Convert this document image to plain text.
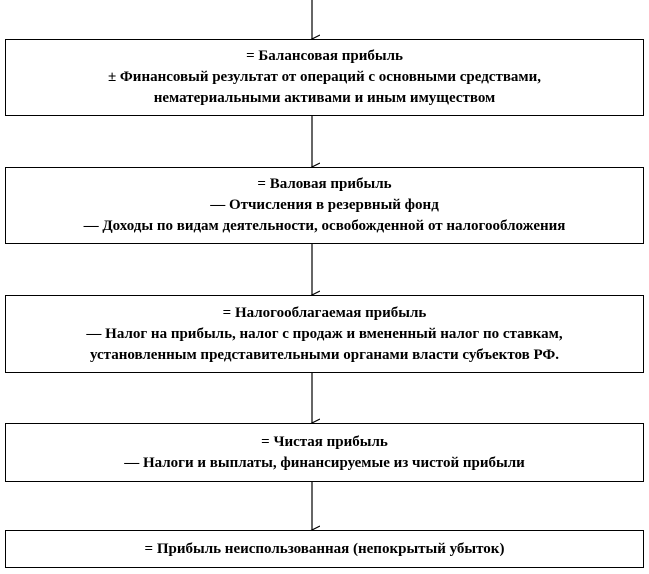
= Балансовая прибыль
± Финансовый результат от операций с основными средствами,
нематериальными активами и иным имуществом
= Валовая прибыль
— Отчисления в резервный фонд
— Доходы по видам деятельности, освобожденной от налогообложения
= Налогооблагаемая прибыль
— Налог на прибыль, налог с продаж и вмененный налог по ставкам,
установленным представительными органами власти субъектов РФ.
= Чистая прибыль
— Налоги и выплаты, финансируемые из чистой прибыли
= Прибыль неиспользованная (непокрытый убыток)
